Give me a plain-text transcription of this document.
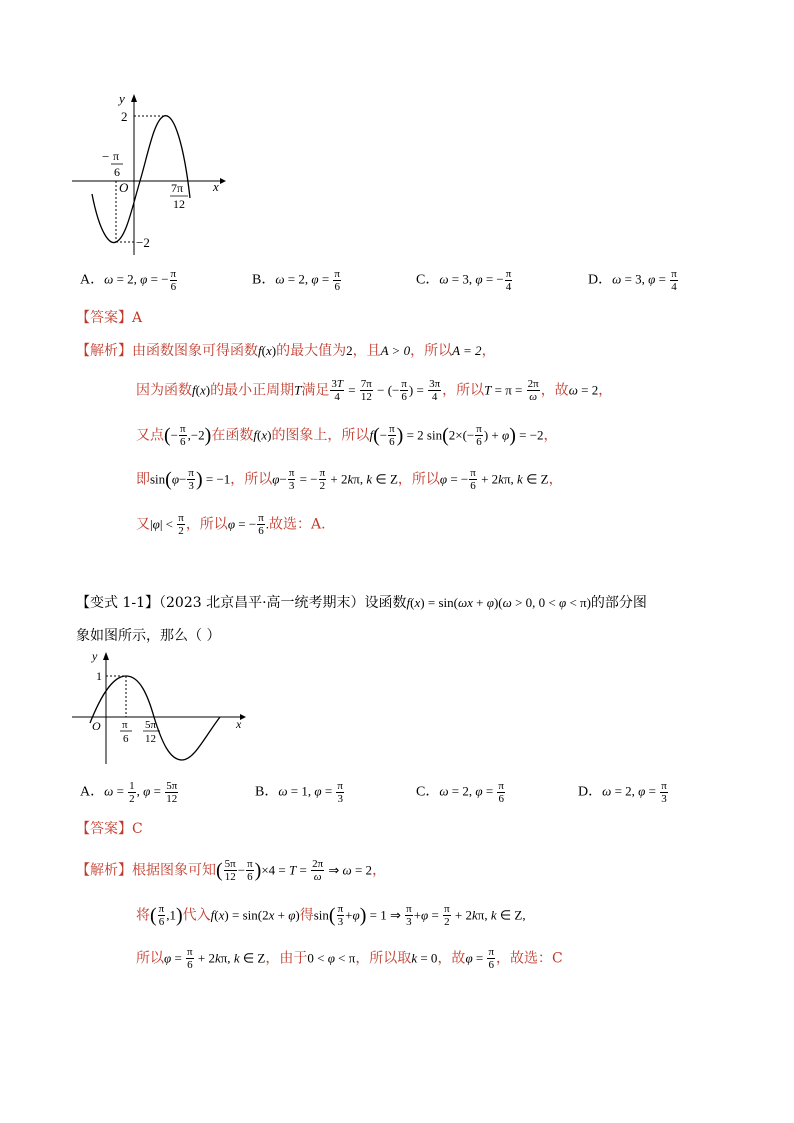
y
x
O
2
−2
− π
6
7π
12
A．ω = 2, φ = − $\frac{\pi}{6}$	B．ω = 2, $\varphi = \frac{\pi}{6}$	C．ω = 3, φ = − $\frac{\pi}{4}$	D．ω = 3, $\varphi = \frac{\pi}{4}$
【答案】A
【解析】由函数图象可得函数f(x)的最大值为2，且A > 0，所以A = 2，
因为函数f(x)的最小正周期T满足 $\frac{3T}{4} = \frac{7\pi}{12}$ − (− $\frac{\pi}{6}$ ) = $\frac{3\pi}{4}$ ，所以$T = \pi = \frac{2\pi}{\omega}$ ，故ω = 2，
又点(− $\frac{\pi}{6} ,-2$)在函数f(x)的图象上，所以$f(- \frac{\pi}{6}$ ) = 2 $\sin(2\times(- \frac{\pi}{6}$ ) + φ) = −2，
即$\sin(\varphi- \frac{\pi}{3}$ ) = −1，所以$\varphi- \frac{\pi}{3}$ = − $\frac{\pi}{2} + 2k\pi$, k ∈ Z，所以φ = − $\frac{\pi}{6} + 2k\pi$, k ∈ Z，
又$|\varphi| < \frac{\pi}{2}$ ，所以φ = − $\frac{\pi}{6}$ .故选：A.
【变式 1-1】（2023 北京昌平·高一统考期末）设函数f(x) = sin(ωx + φ)(ω > 0, 0 < φ < π)的部分图
象如图所示，那么（ ）
y
x
O
1
π
6
5π
12
A．$\omega = \frac{1}{2}$ , $\varphi = \frac{5\pi}{12}$	B．ω = 1, $\varphi = \frac{\pi}{3}$	C．ω = 2, $\varphi = \frac{\pi}{6}$	D．ω = 2, $\varphi = \frac{\pi}{3}$
【答案】C
【解析】根据图象可知( $\frac{5\pi}{12} - \frac{\pi}{6} )\times 4 = T = \frac{2\pi}{\omega}$ ⇒ ω = 2，
将( $\frac{\pi}{6} ,1$)代入f(x) = sin(2x + φ)得$\sin( \frac{\pi}{3} +\varphi) = 1$ ⇒ $\frac{\pi}{3} +\varphi = \frac{\pi}{2} + 2k\pi$, k ∈ Z,
所以$\varphi = \frac{\pi}{6} + 2k\pi$, k ∈ Z，由于0 < φ < π，所以取k = 0，故$\varphi = \frac{\pi}{6}$ ，故选：C
